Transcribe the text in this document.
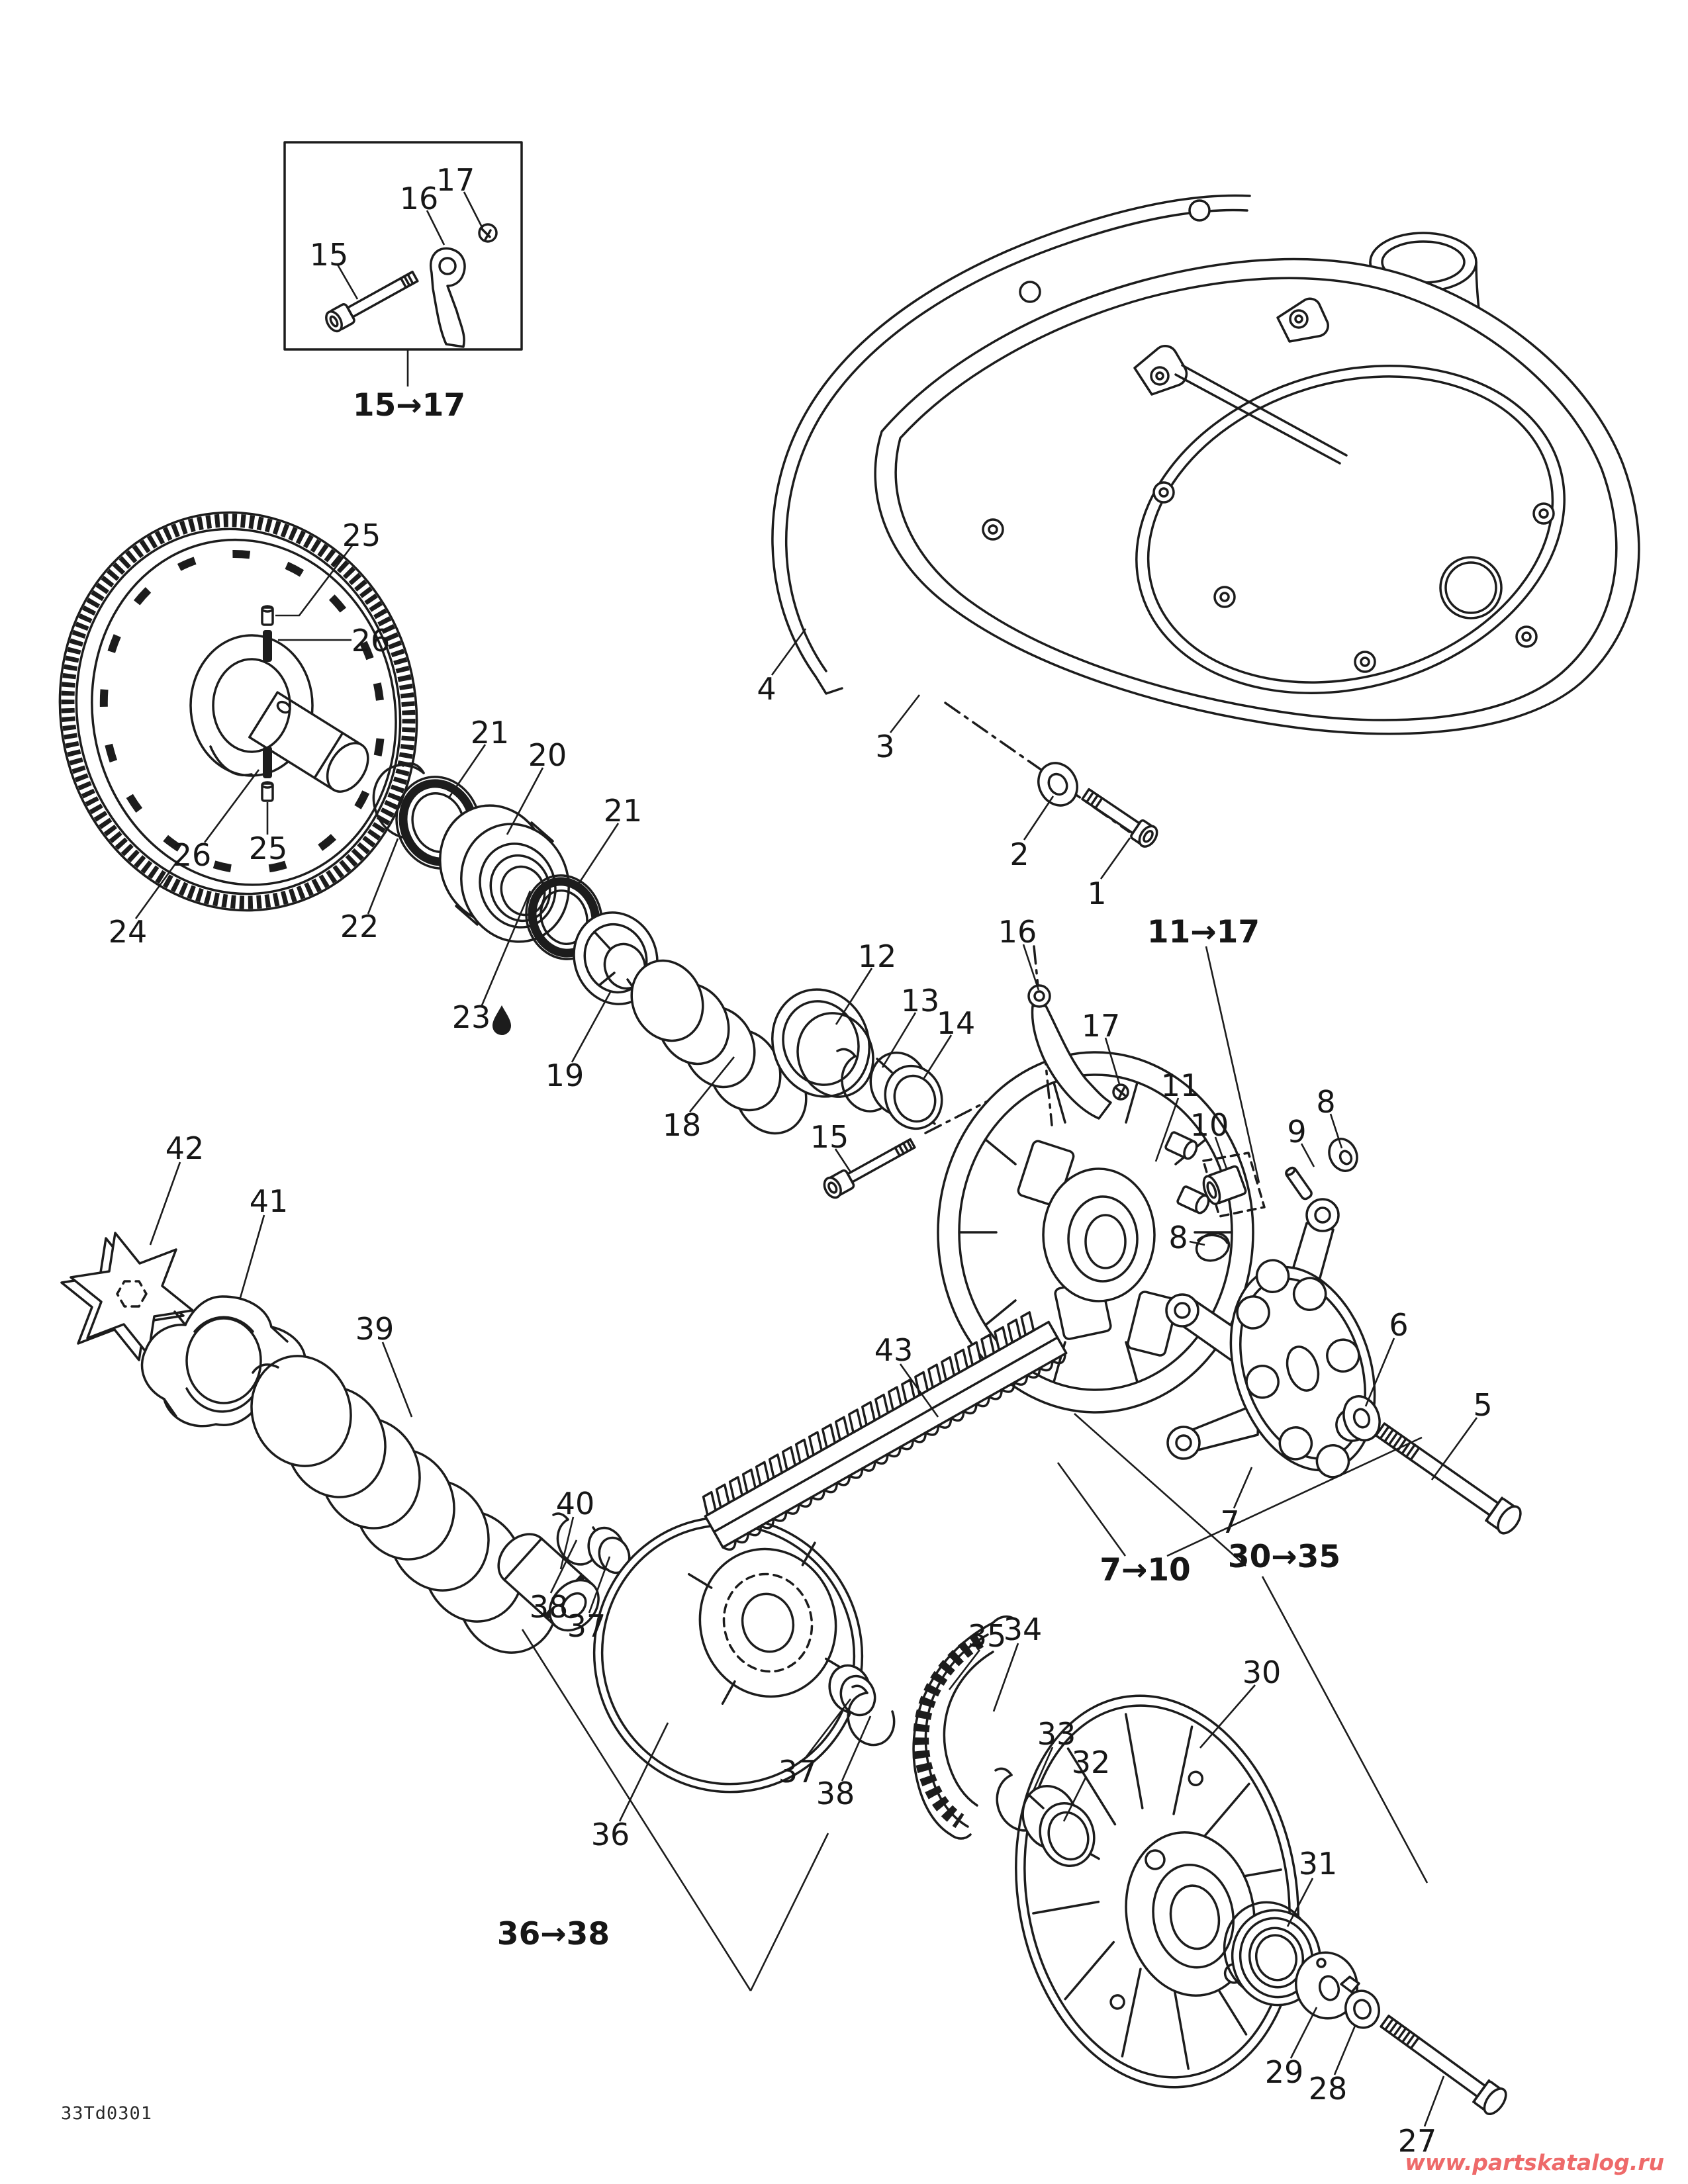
15
16
17
15→17
4
3
2
1
25
26
24
26 25
21
20
21
22
23
19
18
12
13
14
15
16
17
11
11→17
10 9
8
8
6
5
7
7→10
42
41
39
40
38
37
36
36→38
43
35
34
37
38
33
32
30→35
30
31
29 28
27
33Td0301
www.partskatalog.ru
